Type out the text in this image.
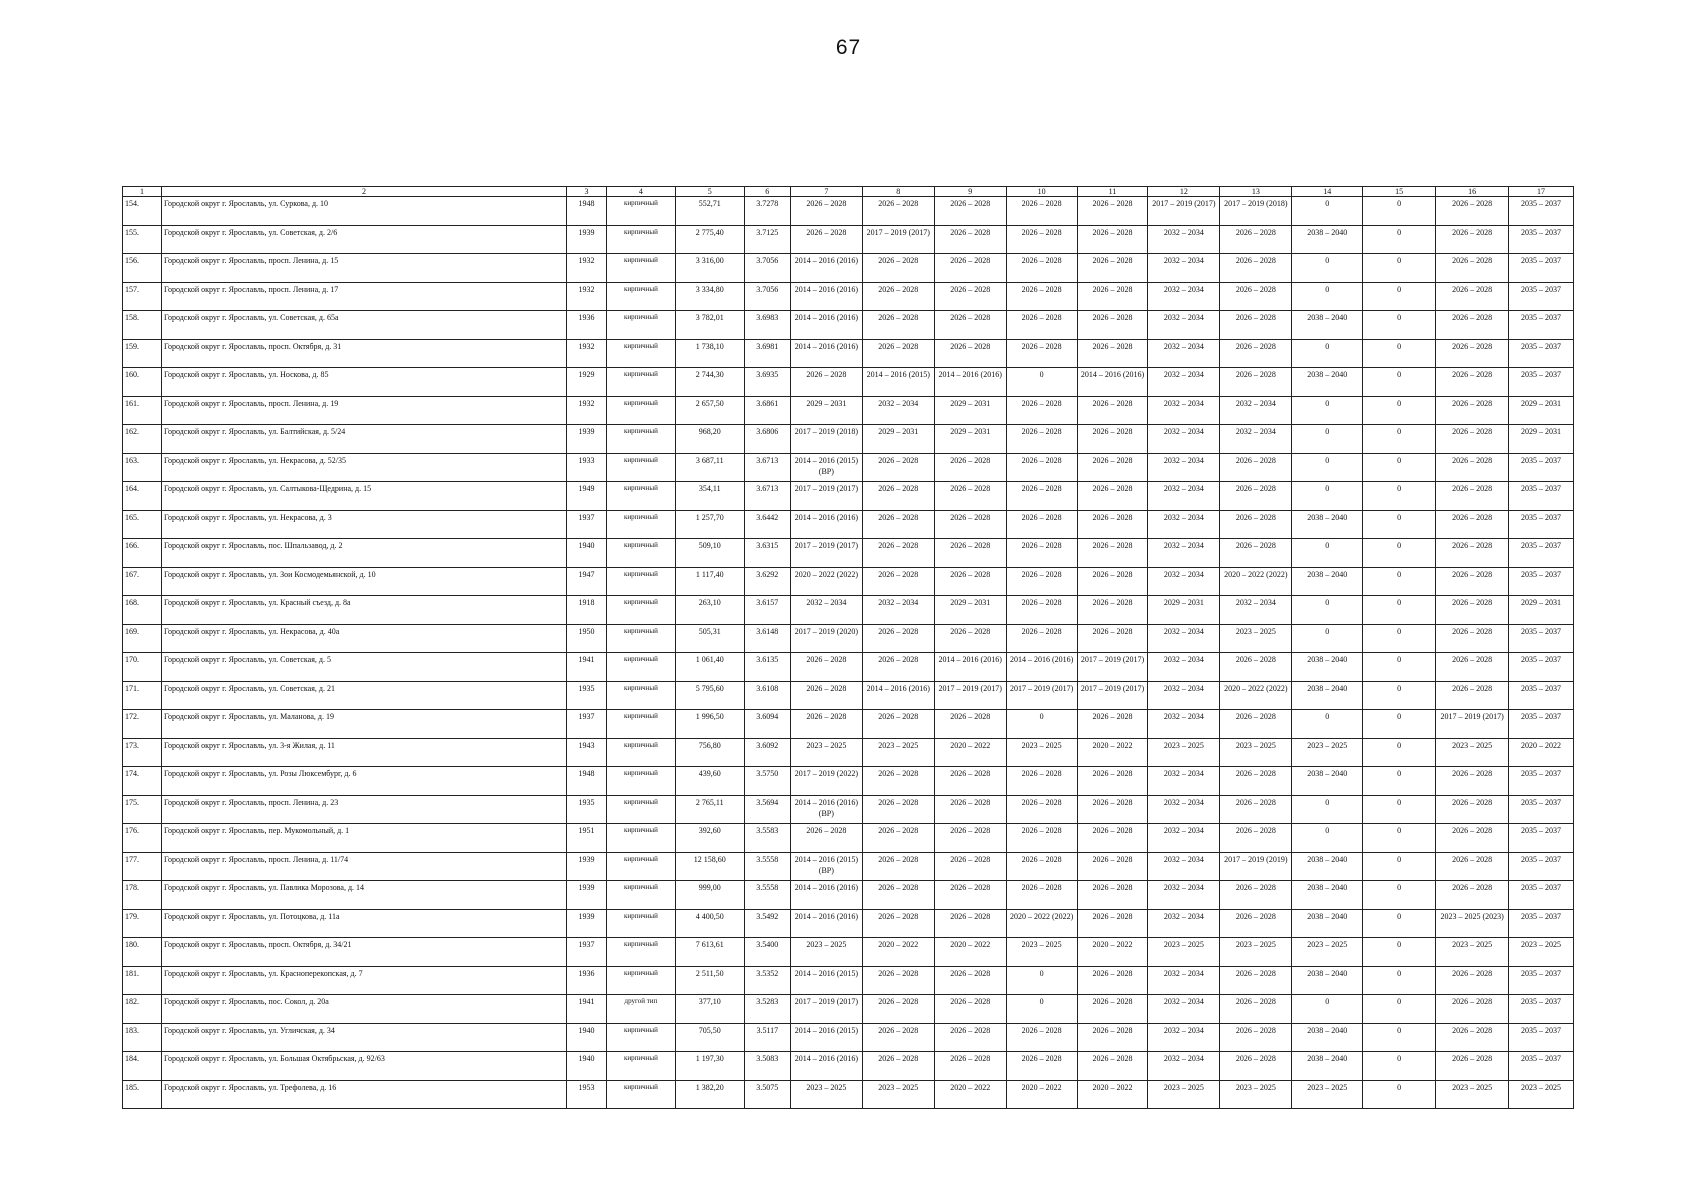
67
1	2	3	4	5	6	7	8	9	10	11	12	13	14	15	16	17
154.	Городской округ г. Ярославль, ул. Суркова, д. 10	1948	кирпичный	552,71	3.7278	2026 – 2028	2026 – 2028	2026 – 2028	2026 – 2028	2026 – 2028	2017 – 2019 (2017)	2017 – 2019 (2018)	0	0	2026 – 2028	2035 – 2037
155.	Городской округ г. Ярославль, ул. Советская, д. 2/6	1939	кирпичный	2 775,40	3.7125	2026 – 2028	2017 – 2019 (2017)	2026 – 2028	2026 – 2028	2026 – 2028	2032 – 2034	2026 – 2028	2038 – 2040	0	2026 – 2028	2035 – 2037
156.	Городской округ г. Ярославль, просп. Ленина, д. 15	1932	кирпичный	3 316,00	3.7056	2014 – 2016 (2016)	2026 – 2028	2026 – 2028	2026 – 2028	2026 – 2028	2032 – 2034	2026 – 2028	0	0	2026 – 2028	2035 – 2037
157.	Городской округ г. Ярославль, просп. Ленина, д. 17	1932	кирпичный	3 334,80	3.7056	2014 – 2016 (2016)	2026 – 2028	2026 – 2028	2026 – 2028	2026 – 2028	2032 – 2034	2026 – 2028	0	0	2026 – 2028	2035 – 2037
158.	Городской округ г. Ярославль, ул. Советская, д. 65а	1936	кирпичный	3 782,01	3.6983	2014 – 2016 (2016)	2026 – 2028	2026 – 2028	2026 – 2028	2026 – 2028	2032 – 2034	2026 – 2028	2038 – 2040	0	2026 – 2028	2035 – 2037
159.	Городской округ г. Ярославль, просп. Октября, д. 31	1932	кирпичный	1 738,10	3.6981	2014 – 2016 (2016)	2026 – 2028	2026 – 2028	2026 – 2028	2026 – 2028	2032 – 2034	2026 – 2028	0	0	2026 – 2028	2035 – 2037
160.	Городской округ г. Ярославль, ул. Носкова, д. 85	1929	кирпичный	2 744,30	3.6935	2026 – 2028	2014 – 2016 (2015)	2014 – 2016 (2016)	0	2014 – 2016 (2016)	2032 – 2034	2026 – 2028	2038 – 2040	0	2026 – 2028	2035 – 2037
161.	Городской округ г. Ярославль, просп. Ленина, д. 19	1932	кирпичный	2 657,50	3.6861	2029 – 2031	2032 – 2034	2029 – 2031	2026 – 2028	2026 – 2028	2032 – 2034	2032 – 2034	0	0	2026 – 2028	2029 – 2031
162.	Городской округ г. Ярославль, ул. Балтийская, д. 5/24	1939	кирпичный	968,20	3.6806	2017 – 2019 (2018)	2029 – 2031	2029 – 2031	2026 – 2028	2026 – 2028	2032 – 2034	2032 – 2034	0	0	2026 – 2028	2029 – 2031
163.	Городской округ г. Ярославль, ул. Некрасова, д. 52/35	1933	кирпичный	3 687,11	3.6713	2014 – 2016 (2015)(ВР)	2026 – 2028	2026 – 2028	2026 – 2028	2026 – 2028	2032 – 2034	2026 – 2028	0	0	2026 – 2028	2035 – 2037
164.	Городской округ г. Ярославль, ул. Салтыкова-Щедрина, д. 15	1949	кирпичный	354,11	3.6713	2017 – 2019 (2017)	2026 – 2028	2026 – 2028	2026 – 2028	2026 – 2028	2032 – 2034	2026 – 2028	0	0	2026 – 2028	2035 – 2037
165.	Городской округ г. Ярославль, ул. Некрасова, д. 3	1937	кирпичный	1 257,70	3.6442	2014 – 2016 (2016)	2026 – 2028	2026 – 2028	2026 – 2028	2026 – 2028	2032 – 2034	2026 – 2028	2038 – 2040	0	2026 – 2028	2035 – 2037
166.	Городской округ г. Ярославль, пос. Шпальзавод, д. 2	1940	кирпичный	509,10	3.6315	2017 – 2019 (2017)	2026 – 2028	2026 – 2028	2026 – 2028	2026 – 2028	2032 – 2034	2026 – 2028	0	0	2026 – 2028	2035 – 2037
167.	Городской округ г. Ярославль, ул. Зои Космодемьянской, д. 10	1947	кирпичный	1 117,40	3.6292	2020 – 2022 (2022)	2026 – 2028	2026 – 2028	2026 – 2028	2026 – 2028	2032 – 2034	2020 – 2022 (2022)	2038 – 2040	0	2026 – 2028	2035 – 2037
168.	Городской округ г. Ярославль, ул. Красный съезд, д. 8а	1918	кирпичный	263,10	3.6157	2032 – 2034	2032 – 2034	2029 – 2031	2026 – 2028	2026 – 2028	2029 – 2031	2032 – 2034	0	0	2026 – 2028	2029 – 2031
169.	Городской округ г. Ярославль, ул. Некрасова, д. 40а	1950	кирпичный	505,31	3.6148	2017 – 2019 (2020)	2026 – 2028	2026 – 2028	2026 – 2028	2026 – 2028	2032 – 2034	2023 – 2025	0	0	2026 – 2028	2035 – 2037
170.	Городской округ г. Ярославль, ул. Советская, д. 5	1941	кирпичный	1 061,40	3.6135	2026 – 2028	2026 – 2028	2014 – 2016 (2016)	2014 – 2016 (2016)	2017 – 2019 (2017)	2032 – 2034	2026 – 2028	2038 – 2040	0	2026 – 2028	2035 – 2037
171.	Городской округ г. Ярославль, ул. Советская, д. 21	1935	кирпичный	5 795,60	3.6108	2026 – 2028	2014 – 2016 (2016)	2017 – 2019 (2017)	2017 – 2019 (2017)	2017 – 2019 (2017)	2032 – 2034	2020 – 2022 (2022)	2038 – 2040	0	2026 – 2028	2035 – 2037
172.	Городской округ г. Ярославль, ул. Маланова, д. 19	1937	кирпичный	1 996,50	3.6094	2026 – 2028	2026 – 2028	2026 – 2028	0	2026 – 2028	2032 – 2034	2026 – 2028	0	0	2017 – 2019 (2017)	2035 – 2037
173.	Городской округ г. Ярославль, ул. 3-я Жилая, д. 11	1943	кирпичный	756,80	3.6092	2023 – 2025	2023 – 2025	2020 – 2022	2023 – 2025	2020 – 2022	2023 – 2025	2023 – 2025	2023 – 2025	0	2023 – 2025	2020 – 2022
174.	Городской округ г. Ярославль, ул. Розы Люксембург, д. 6	1948	кирпичный	439,60	3.5750	2017 – 2019 (2022)	2026 – 2028	2026 – 2028	2026 – 2028	2026 – 2028	2032 – 2034	2026 – 2028	2038 – 2040	0	2026 – 2028	2035 – 2037
175.	Городской округ г. Ярославль, просп. Ленина, д. 23	1935	кирпичный	2 765,11	3.5694	2014 – 2016 (2016)(ВР)	2026 – 2028	2026 – 2028	2026 – 2028	2026 – 2028	2032 – 2034	2026 – 2028	0	0	2026 – 2028	2035 – 2037
176.	Городской округ г. Ярославль, пер. Мукомольный, д. 1	1951	кирпичный	392,60	3.5583	2026 – 2028	2026 – 2028	2026 – 2028	2026 – 2028	2026 – 2028	2032 – 2034	2026 – 2028	0	0	2026 – 2028	2035 – 2037
177.	Городской округ г. Ярославль, просп. Ленина, д. 11/74	1939	кирпичный	12 158,60	3.5558	2014 – 2016 (2015)(ВР)	2026 – 2028	2026 – 2028	2026 – 2028	2026 – 2028	2032 – 2034	2017 – 2019 (2019)	2038 – 2040	0	2026 – 2028	2035 – 2037
178.	Городской округ г. Ярославль, ул. Павлика Морозова, д. 14	1939	кирпичный	999,00	3.5558	2014 – 2016 (2016)	2026 – 2028	2026 – 2028	2026 – 2028	2026 – 2028	2032 – 2034	2026 – 2028	2038 – 2040	0	2026 – 2028	2035 – 2037
179.	Городской округ г. Ярославль, ул. Потоцкова, д. 11а	1939	кирпичный	4 400,50	3.5492	2014 – 2016 (2016)	2026 – 2028	2026 – 2028	2020 – 2022 (2022)	2026 – 2028	2032 – 2034	2026 – 2028	2038 – 2040	0	2023 – 2025 (2023)	2035 – 2037
180.	Городской округ г. Ярославль, просп. Октября, д. 34/21	1937	кирпичный	7 613,61	3.5400	2023 – 2025	2020 – 2022	2020 – 2022	2023 – 2025	2020 – 2022	2023 – 2025	2023 – 2025	2023 – 2025	0	2023 – 2025	2023 – 2025
181.	Городской округ г. Ярославль, ул. Красноперекопская, д. 7	1936	кирпичный	2 511,50	3.5352	2014 – 2016 (2015)	2026 – 2028	2026 – 2028	0	2026 – 2028	2032 – 2034	2026 – 2028	2038 – 2040	0	2026 – 2028	2035 – 2037
182.	Городской округ г. Ярославль, пос. Сокол, д. 20а	1941	другой тип	377,10	3.5283	2017 – 2019 (2017)	2026 – 2028	2026 – 2028	0	2026 – 2028	2032 – 2034	2026 – 2028	0	0	2026 – 2028	2035 – 2037
183.	Городской округ г. Ярославль, ул. Угличская, д. 34	1940	кирпичный	705,50	3.5117	2014 – 2016 (2015)	2026 – 2028	2026 – 2028	2026 – 2028	2026 – 2028	2032 – 2034	2026 – 2028	2038 – 2040	0	2026 – 2028	2035 – 2037
184.	Городской округ г. Ярославль, ул. Большая Октябрьская, д. 92/63	1940	кирпичный	1 197,30	3.5083	2014 – 2016 (2016)	2026 – 2028	2026 – 2028	2026 – 2028	2026 – 2028	2032 – 2034	2026 – 2028	2038 – 2040	0	2026 – 2028	2035 – 2037
185.	Городской округ г. Ярославль, ул. Трефолева, д. 16	1953	кирпичный	1 382,20	3.5075	2023 – 2025	2023 – 2025	2020 – 2022	2020 – 2022	2020 – 2022	2023 – 2025	2023 – 2025	2023 – 2025	0	2023 – 2025	2023 – 2025
